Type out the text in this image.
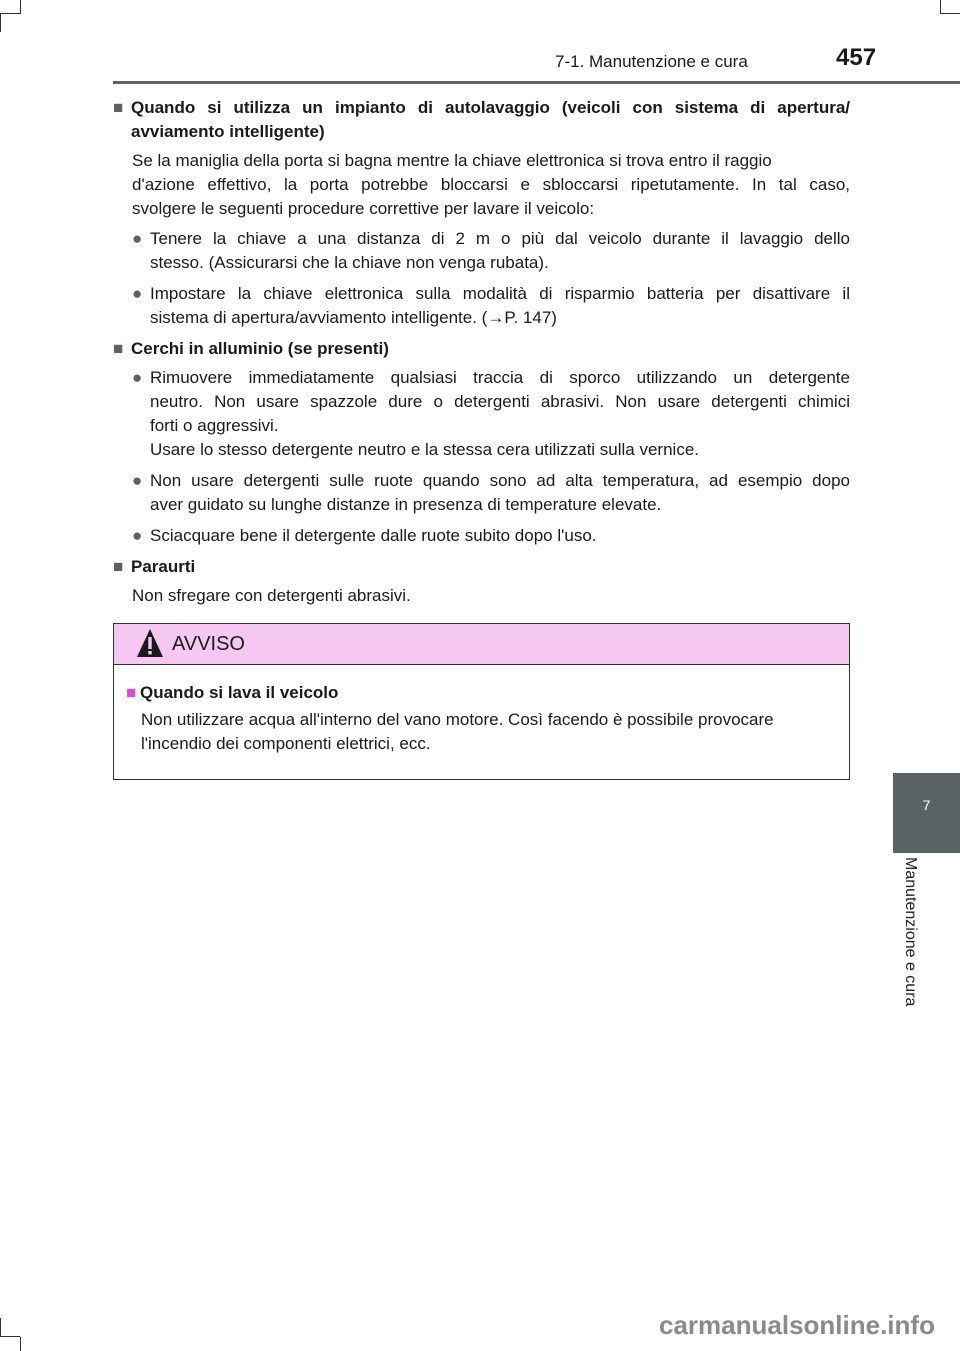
7-1. Manutenzione e cura	457
7
Manutenzione e cura
■ Quando si utilizza un impianto di autolavaggio (veicoli con sistema di apertura/
avviamento intelligente)
Se la maniglia della porta si bagna mentre la chiave elettronica si trova entro il raggio
d'azione effettivo, la porta potrebbe bloccarsi e sbloccarsi ripetutamente. In tal caso,
svolgere le seguenti procedure correttive per lavare il veicolo:
● Tenere la chiave a una distanza di 2 m o più dal veicolo durante il lavaggio dello
stesso. (Assicurarsi che la chiave non venga rubata).
● Impostare la chiave elettronica sulla modalità di risparmio batteria per disattivare il
sistema di apertura/avviamento intelligente. (→P. 147)
■ Cerchi in alluminio (se presenti)
● Rimuovere immediatamente qualsiasi traccia di sporco utilizzando un detergente
neutro. Non usare spazzole dure o detergenti abrasivi. Non usare detergenti chimici
forti o aggressivi.
Usare lo stesso detergente neutro e la stessa cera utilizzati sulla vernice.
● Non usare detergenti sulle ruote quando sono ad alta temperatura, ad esempio dopo
aver guidato su lunghe distanze in presenza di temperature elevate.
● Sciacquare bene il detergente dalle ruote subito dopo l'uso.
■ Paraurti
Non sfregare con detergenti abrasivi.
AVVISO
■ Quando si lava il veicolo
Non utilizzare acqua all'interno del vano motore. Così facendo è possibile provocare
l'incendio dei componenti elettrici, ecc.
carmanualsonline.info
